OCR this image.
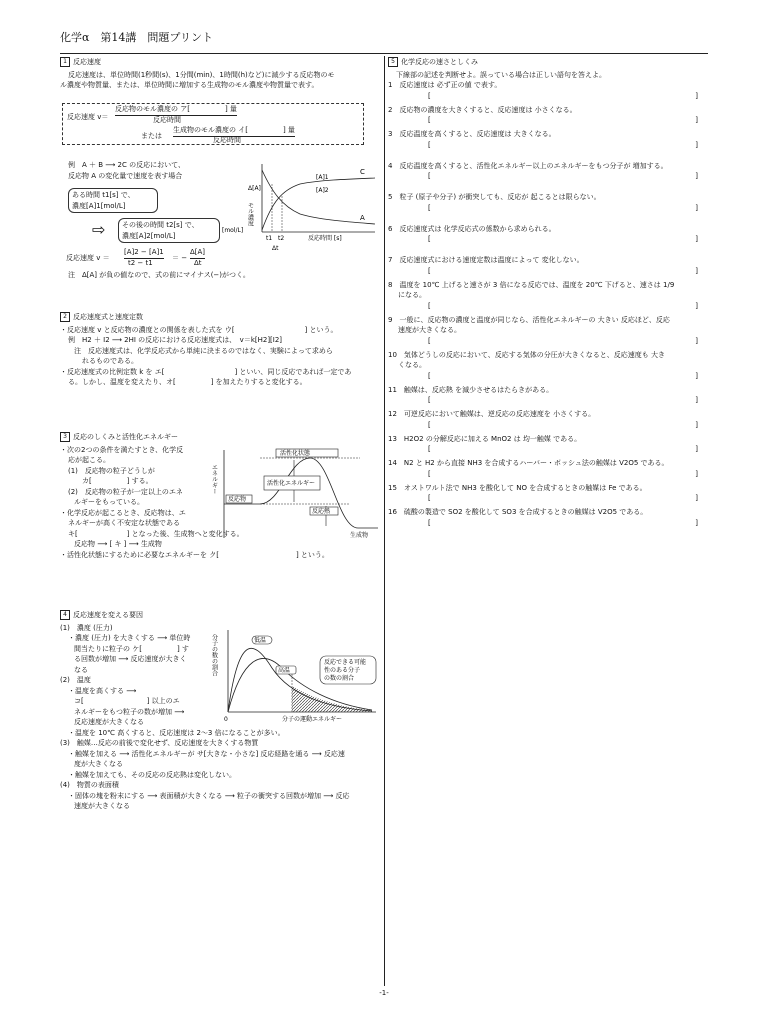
化学α　第14講　問題プリント
1 反応速度
反応速度は、単位時間(1秒間(s)、1分間(min)、1時間(h)など)に減少する反応物のモ
ル濃度や物質量、または、単位時間に増加する生成物のモル濃度や物質量で表す。
反応速度 v＝
反応物のモル濃度の ア[　　　　　] 量
反応時間
または
生成物のモル濃度の イ[　　　　　] 量
反応時間
例　A ＋ B ⟶ 2C の反応において、
反応物 A の変化量で速度を表す場合
ある時間 t1[s] で、
濃度[A]1[mol/L]
⇨ その後の時間 t2[s] で、
濃度[A]2[mol/L]
反応速度 v ＝
[A]2 − [A]1
t2 − t1
＝ −
Δ[A]
Δt
注　Δ[A] が負の値なので、式の前にマイナス(−)がつく。
モル濃度
[mol/L]
[A]1
[A]2
Δ[A]
t1 t2
Δt
反応時間 [s]
C
A
2 反応速度式と速度定数
・反応速度 v と反応物の濃度との関係を表した式を ウ[　　　　　　　　　　] という。
例　H2 ＋ I2 ⟶ 2HI の反応における反応速度式は、　v＝k[H2][I2]
注　反応速度式は、化学反応式から単純に決まるのではなく、実験によって求めら
れるものである。
・反応速度式の比例定数 k を エ[　　　　　　　　　　] といい、同じ反応であれば一定であ
る。しかし、温度を変えたり、オ[　　　　　] を加えたりすると変化する。
3 反応のしくみと活性化エネルギー
・次の2つの条件を満たすとき、化学反
応が起こる。
(1)　反応物の粒子どうしが
カ[　　　　　] する。
(2)　反応物の粒子が一定以上のエネ
ルギーをもっている。
・化学反応が起こるとき、反応物は、エ
ネルギーが高く不安定な状態である
キ[　　　　　　　] となった後、生成物へと変化する。
反応物 ⟶ [ キ ] ⟶ 生成物
・活性化状態にするために必要なエネルギーを ク[　　　　　　　　　　　] という。
エネルギー
活性化状態
活性化エネルギー
反応物
反応熱
生成物
4 反応速度を変える要因
(1)　濃度 (圧力)
・濃度 (圧力) を大きくする ⟶ 単位時
間当たりに粒子の ケ[　　　　　] す
る回数が増加 ⟶ 反応速度が大きく
なる
(2)　温度
・温度を高くする ⟶
コ[　　　　　　　　　] 以上のエ
ネルギーをもつ粒子の数が増加 ⟶
反応速度が大きくなる
・温度を 10℃ 高くすると、反応速度は 2〜3 倍になることが多い。
(3)　触媒…反応の前後で変化せず、反応速度を大きくする物質
・触媒を加える ⟶ 活性化エネルギーが サ[大きな・小さな] 反応経路を通る ⟶ 反応速
度が大きくなる
・触媒を加えても、その反応の反応熱は変化しない。
(4)　物質の表面積
・固体の塊を粉末にする ⟶ 表面積が大きくなる ⟶ 粒子の衝突する回数が増加 ⟶ 反応
速度が大きくなる
分子の数の割合	低温
高温
反応できる可能
性のある分子
の数の割合
0	分子の運動エネルギー
5 化学反応の速さとしくみ
下線部の記述を判断せよ。誤っている場合は正しい語句を答えよ。
1　反応速度は 必ず正の値 で表す。
[	]
2　反応物の濃度を大きくすると、反応速度は 小さくなる。
[	]
3　反応温度を高くすると、反応速度は 大きくなる。
[	]
4　反応温度を高くすると、活性化エネルギー以上のエネルギーをもつ分子が 増加する。
[	]
5　粒子 (原子や分子) が衝突しても、反応が 起こるとは限らない。
[	]
6　反応速度式は 化学反応式の係数から求められる。
[	]
7　反応速度式における速度定数は温度によって 変化しない。
[	]
8　温度を 10℃ 上げると速さが 3 倍になる反応では、温度を 20℃ 下げると、速さは 1/9
になる。
[	]
9　一般に、反応物の濃度と温度が同じなら、活性化エネルギーの 大きい 反応ほど、反応
速度が大きくなる。
[	]
10　気体どうしの反応において、反応する気体の分圧が大きくなると、反応速度も 大き
くなる。
[	]
11　触媒は、反応熱 を減少させるはたらきがある。
[	]
12　可逆反応において触媒は、逆反応の反応速度を 小さくする。
[	]
13　H2O2 の分解反応に加える MnO2 は 均一触媒 である。
[	]
14　N2 と H2 から直接 NH3 を合成するハーバー・ボッシュ法の触媒は V2O5 である。
[	]
15　オストワルト法で NH3 を酸化して NO を合成するときの触媒は Fe である。
[	]
16　硫酸の製造で SO2 を酸化して SO3 を合成するときの触媒は V2O5 である。
[	]
-1-
